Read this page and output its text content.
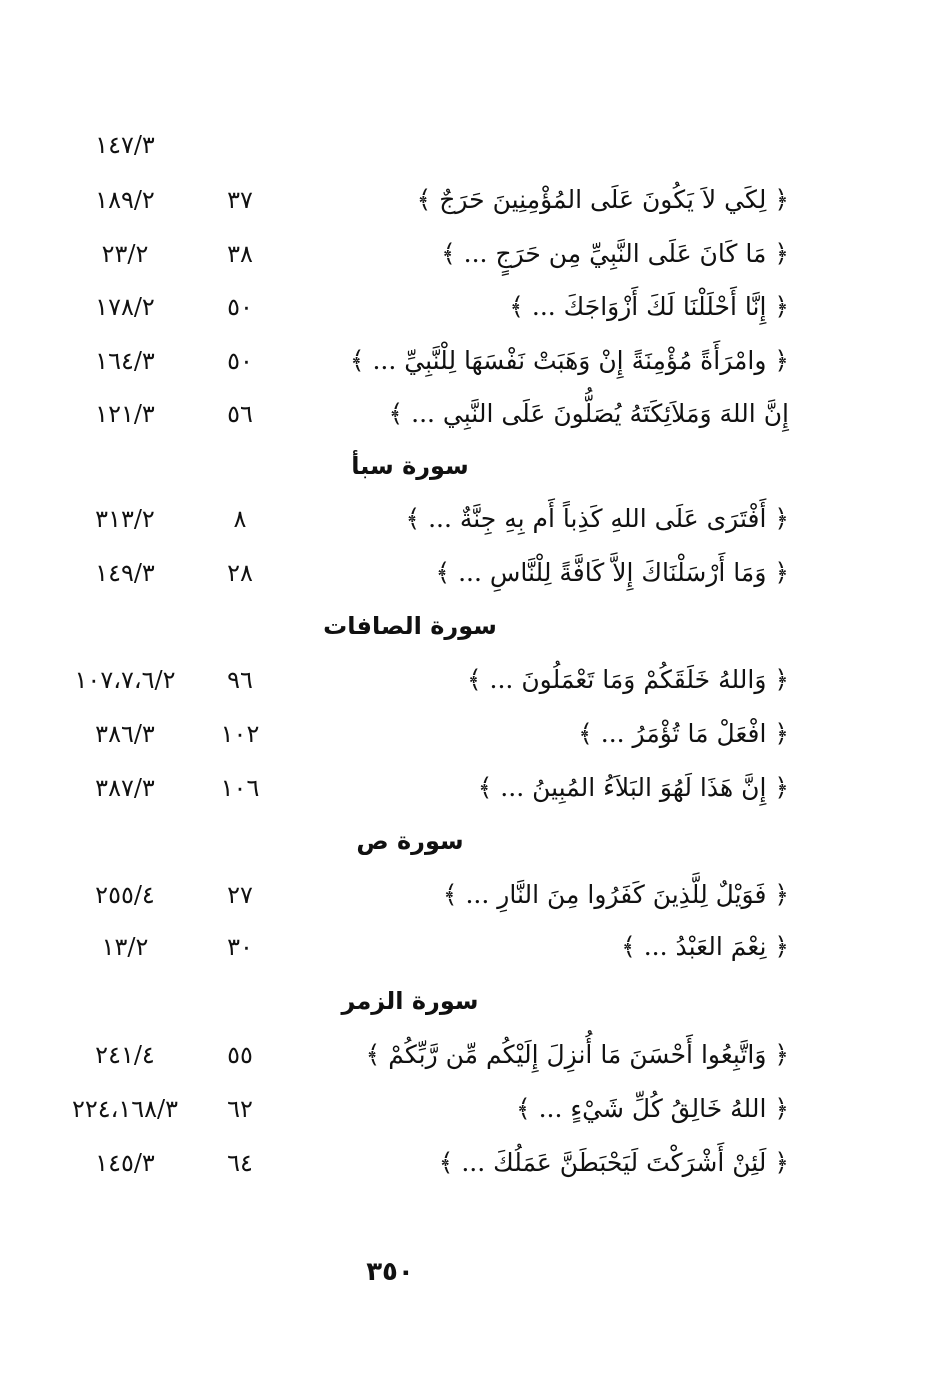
١٤٧/٣
﴿ لِكَي لاَ يَكُونَ عَلَى المُؤْمِنِينَ حَرَجٌ ﴾
٣٧
١٨٩/٢
﴿ مَا كَانَ عَلَى النَّبِيِّ مِن حَرَجٍ ... ﴾
٣٨
٢٣/٢
﴿ إِنَّا أَحْلَلْنَا لَكَ أَزْوَاجَكَ ... ﴾
٥٠
١٧٨/٢
﴿ وامْرَأَةً مُؤْمِنَةً إِنْ وَهَبَتْ نَفْسَهَا لِلْنَّبِيِّ ... ﴾
٥٠
١٦٤/٣
إِنَّ اللهَ وَمَلاَئِكَتَهُ يُصَلُّونَ عَلَى النَّبِي ... ﴾
٥٦
١٢١/٣
سورة سبأ
﴿ أَفْتَرَى عَلَى اللهِ كَذِباً أَم بِهِ جِنَّةٌ ... ﴾
٨
٣١٣/٢
﴿ وَمَا أَرْسَلْنَاكَ إِلاَّ كَافَّةً لِلْنَّاسِ ... ﴾
٢٨
١٤٩/٣
سورة الصافات
﴿ وَاللهُ خَلَقَكُمْ وَمَا تَعْمَلُونَ ... ﴾
٩٦
١٠٧،٧،٦/٢
﴿ افْعَلْ مَا تُؤْمَرُ ... ﴾
١٠٢
٣٨٦/٣
﴿ إِنَّ هَذَا لَهُوَ البَلاَءُ المُبِينُ ... ﴾
١٠٦
٣٨٧/٣
سورة ص
﴿ فَوَيْلٌ لِلَّذِينَ كَفَرُوا مِنَ النَّارِ ... ﴾
٢٧
٢٥٥/٤
﴿ نِعْمَ العَبْدُ ... ﴾
٣٠
١٣/٢
سورة الزمر
﴿ وَاتَّبِعُوا أَحْسَنَ مَا أُنزِلَ إِلَيْكُم مِّن رَّبِّكُمْ ﴾
٥٥
٢٤١/٤
﴿ اللهُ خَالِقُ كُلِّ شَيْءٍ ... ﴾
٦٢
٢٢٤،١٦٨/٣
﴿ لَئِنْ أَشْرَكْتَ لَيَحْبَطَنَّ عَمَلُكَ ... ﴾
٦٤
١٤٥/٣
٣٥٠
